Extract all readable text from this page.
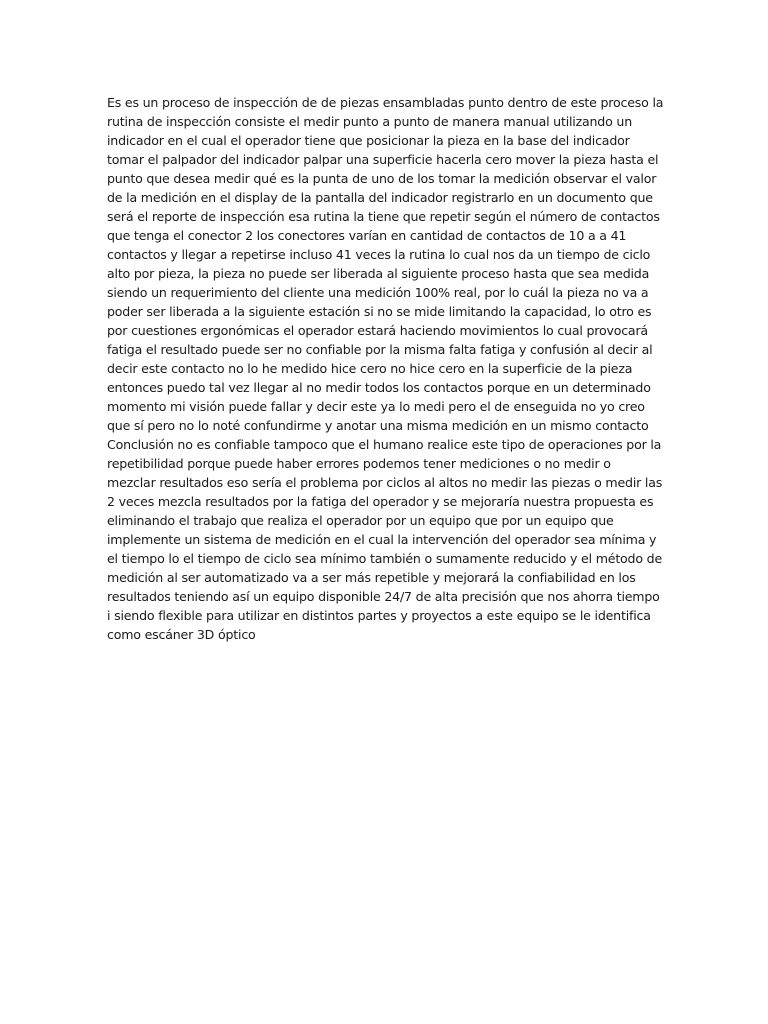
Es es un proceso de inspección de de piezas ensambladas punto dentro de este proceso la
rutina de inspección consiste el medir punto a punto de manera manual utilizando un
indicador en el cual el operador tiene que posicionar la pieza en la base del indicador
tomar el palpador del indicador palpar una superficie hacerla cero mover la pieza hasta el
punto que desea medir qué es la punta de uno de los tomar la medición observar el valor
de la medición en el display de la pantalla del indicador registrarlo en un documento que
será el reporte de inspección esa rutina la tiene que repetir según el número de contactos
que tenga el conector 2 los conectores varían en cantidad de contactos de 10 a a 41
contactos y llegar a repetirse incluso 41 veces la rutina lo cual nos da un tiempo de ciclo
alto por pieza, la pieza no puede ser liberada al siguiente proceso hasta que sea medida
siendo un requerimiento del cliente una medición 100% real, por lo cuál la pieza no va a
poder ser liberada a la siguiente estación si no se mide limitando la capacidad, lo otro es
por cuestiones ergonómicas el operador estará haciendo movimientos lo cual provocará
fatiga el resultado puede ser no confiable por la misma falta fatiga y confusión al decir al
decir este contacto no lo he medido hice cero no hice cero en la superficie de la pieza
entonces puedo tal vez llegar al no medir todos los contactos porque en un determinado
momento mi visión puede fallar y decir este ya lo medi pero el de enseguida no yo creo
que sí pero no lo noté confundirme y anotar una misma medición en un mismo contacto
Conclusión no es confiable tampoco que el humano realice este tipo de operaciones por la
repetibilidad porque puede haber errores podemos tener mediciones o no medir o
mezclar resultados eso sería el problema por ciclos al altos no medir las piezas o medir las
2 veces mezcla resultados por la fatiga del operador y se mejoraría nuestra propuesta es
eliminando el trabajo que realiza el operador por un equipo que por un equipo que
implemente un sistema de medición en el cual la intervención del operador sea mínima y
el tiempo lo el tiempo de ciclo sea mínimo también o sumamente reducido y el método de
medición al ser automatizado va a ser más repetible y mejorará la confiabilidad en los
resultados teniendo así un equipo disponible 24/7 de alta precisión que nos ahorra tiempo
i siendo flexible para utilizar en distintos partes y proyectos a este equipo se le identifica
como escáner 3D óptico
